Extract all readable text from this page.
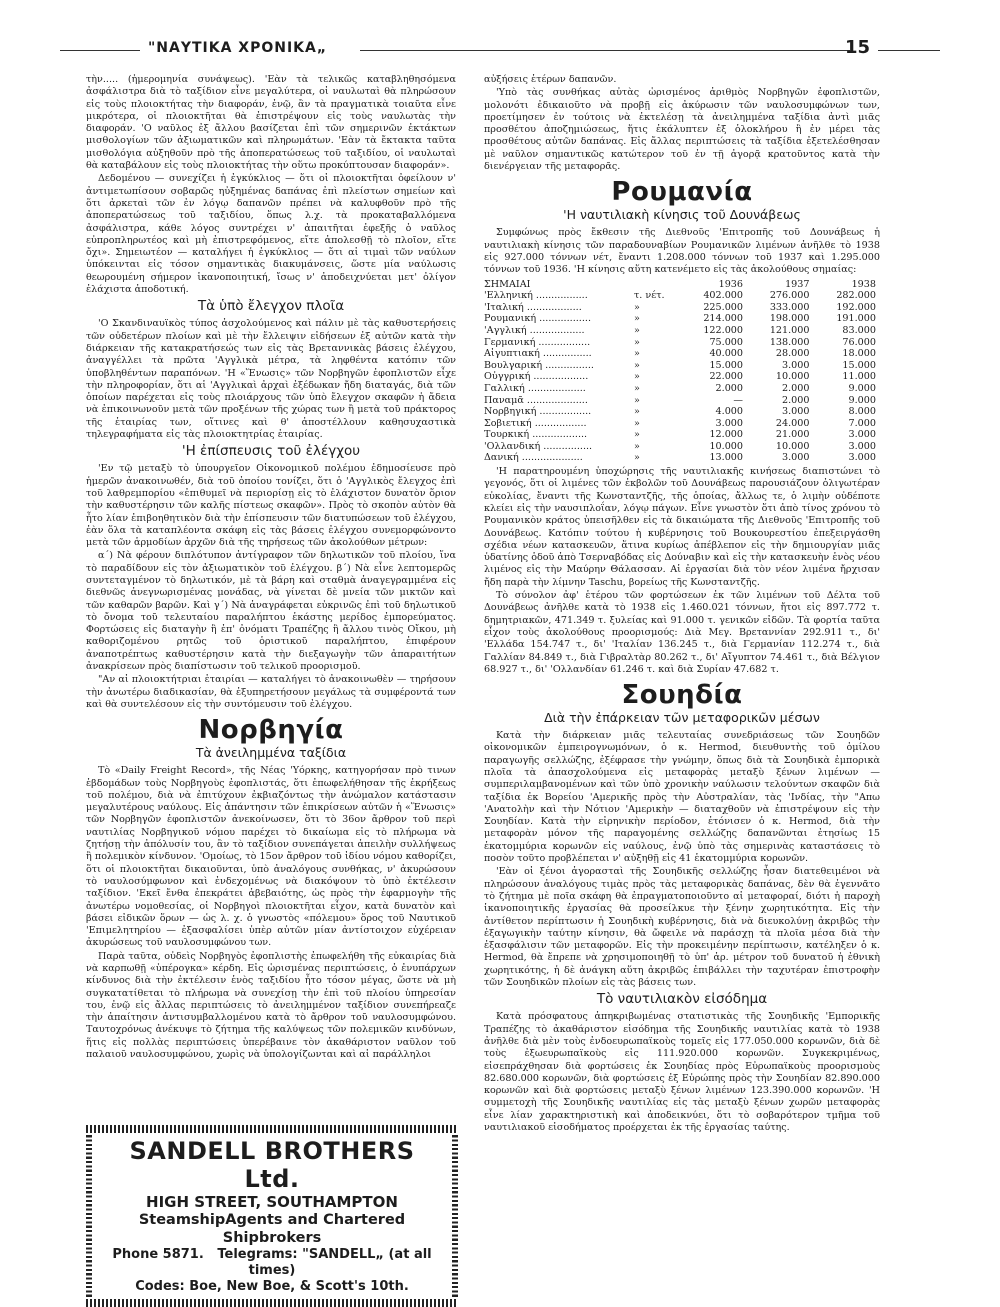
"ΝΑΥΤΙΚΑ ΧΡΟΝΙΚΑ„	15

τὴν..... (ἡμερομηνία συνάψεως). 'Εὰν τὰ τελικῶς καταβληθησόμενα ἀσφάλιστρα διὰ τὸ ταξίδιον εἶνε μεγαλύτερα, οἱ ναυλωταὶ θὰ πληρώσουν εἰς τοὺς πλοιοκτήτας τὴν διαφοράν, ἐνῷ, ἂν τὰ πραγματικὰ τοιαῦτα εἶνε μικρότερα, οἱ πλοιοκτῆται θὰ ἐπιστρέψουν εἰς τοὺς ναυλωτὰς τὴν διαφοράν. 'Ο ναῦλος ἐξ ἄλλου βασίζεται ἐπὶ τῶν σημερινῶν ἐκτάκτων μισθολογίων τῶν ἀξιωματικῶν καὶ πληρωμάτων. 'Εὰν τὰ ἔκτακτα ταῦτα μισθολόγια αὐξηθοῦν πρὸ τῆς ἀποπερατώσεως τοῦ ταξιδίου, οἱ ναυλωταὶ θὰ καταβάλουν εἰς τοὺς πλοιοκτήτας τὴν οὕτω προκύπτουσαν διαφοράν».

Δεδομένου — συνεχίζει ἡ ἐγκύκλιος — ὅτι οἱ πλοιοκτῆται ὀφείλουν ν' ἀντιμετωπίσουν σοβαρῶς ηὐξημένας δαπάνας ἐπὶ πλείστων σημείων καὶ ὅτι ἀρκεταὶ τῶν ἐν λόγῳ δαπανῶν πρέπει νὰ καλυφθοῦν πρὸ τῆς ἀποπερατώσεως τοῦ ταξιδίου, ὅπως λ.χ. τὰ προκαταβαλλόμενα ἀσφάλιστρα, κάθε λόγος συντρέχει ν' ἀπαιτῆται ἐφεξῆς ὁ ναῦλος εὐπροπληρωτέος καὶ μὴ ἐπιστρεφόμενος, εἴτε ἀπολεσθῇ τὸ πλοῖον, εἴτε ὄχι». Σημειωτέον — καταλήγει ἡ ἐγκύκλιος — ὅτι αἱ τιμαὶ τῶν ναύλων ὑπόκεινται εἰς τόσον σημαντικὰς διακυμάνσεις, ὥστε μία ναύλωσις θεωρουμένη σήμερον ἱκανοποιητική, ἴσως ν' ἀποδειχνύεται μετ' ὀλίγον ἐλάχιστα ἀποδοτική.

Τὰ ὑπὸ ἔλεγχον πλοῖα

'Ο Σκανδιναυϊκὸς τύπος ἀσχολούμενος καὶ πάλιν μὲ τὰς καθυστερήσεις τῶν οὐδετέρων πλοίων καὶ μὲ τὴν ἔλλειψιν εἰδήσεων ἐξ αὐτῶν κατὰ τὴν διάρκειαν τῆς κατακρατήσεώς των εἰς τὰς Βρεταννικὰς βάσεις ἐλέγχου, ἀναγγέλλει τὰ πρῶτα 'Αγγλικὰ μέτρα, τὰ ληφθέντα κατόπιν τῶν ὑποβληθέντων παραπόνων. 'Η «Ἕνωσις» τῶν Νορβηγῶν ἐφοπλιστῶν εἶχε τὴν πληροφορίαν, ὅτι αἱ 'Αγγλικαὶ ἀρχαὶ ἐξέδωκαν ἤδη διαταγάς, διὰ τῶν ὁποίων παρέχεται εἰς τοὺς πλοιάρχους τῶν ὑπὸ ἔλεγχον σκαφῶν ἡ ἄδεια νὰ ἐπικοινωνοῦν μετὰ τῶν προξένων τῆς χώρας των ἢ μετὰ τοῦ πράκτορος τῆς ἑταιρίας των, οἵτινες καὶ θ' ἀποστέλλουν καθησυχαστικὰ τηλεγραφήματα εἰς τὰς πλοιοκτητρίας ἑταιρίας.

'Η ἐπίσπευσις τοῦ ἐλέγχου

'Εν τῷ μεταξὺ τὸ ὑπουργεῖον Οἰκονομικοῦ πολέμου ἐδημοσίευσε πρὸ ἡμερῶν ἀνακοινωθέν, διὰ τοῦ ὁποίου τονίζει, ὅτι ὁ 'Αγγλικὸς ἔλεγχος ἐπὶ τοῦ λαθρεμπορίου «ἐπιθυμεῖ νὰ περιορίσῃ εἰς τὸ ἐλάχιστον δυνατὸν ὅριον τὴν καθυστέρησιν τῶν καλῆς πίστεως σκαφῶν». Πρὸς τὸ σκοπὸν αὐτὸν θὰ ἦτο λίαν ἐπιβοηθητικὸν διὰ τὴν ἐπίσπευσιν τῶν διατυπώσεων τοῦ ἐλέγχου, ἐὰν ὅλα τὰ καταπλέοντα σκάφη εἰς τὰς βάσεις ἐλέγχου συνεμορφώνοντο μετὰ τῶν ἁρμοδίων ἀρχῶν διὰ τῆς τηρήσεως τῶν ἀκολούθων μέτρων:

α΄) Νὰ φέρουν διπλότυπον ἀντίγραφον τῶν δηλωτικῶν τοῦ πλοίου, ἵνα τὸ παραδίδουν εἰς τὸν ἀξιωματικὸν τοῦ ἐλέγχου. β΄) Νὰ εἶνε λεπτομερῶς συντεταγμένον τὸ δηλωτικόν, μὲ τὰ βάρη καὶ σταθμὰ ἀναγεγραμμένα εἰς διεθνῶς ἀνεγνωρισμένας μονάδας, νὰ γίνεται δὲ μνεία τῶν μικτῶν καὶ τῶν καθαρῶν βαρῶν. Καὶ γ΄) Νὰ ἀναγράφεται εὐκρινῶς ἐπὶ τοῦ δηλωτικοῦ τὸ ὄνομα τοῦ τελευταίου παραλήπτου ἑκάστης μερίδος ἐμπορεύματος. Φορτώσεις εἰς διαταγὴν ἢ ἐπ' ὀνόματι Τραπέζης ἢ ἄλλου τινὸς Οἴκου, μὴ καθοριζομένου ρητῶς τοῦ ὁριστικοῦ παραλήπτου, ἐπιφέρουν ἀναποτρέπτως καθυστέρησιν κατὰ τὴν διεξαγωγὴν τῶν ἀπαραιτήτων ἀνακρίσεων πρὸς διαπίστωσιν τοῦ τελικοῦ προορισμοῦ.

"Αν αἱ πλοιοκτήτριαι ἑταιρίαι — καταλήγει τὸ ἀνακοινωθὲν — τηρήσουν τὴν ἀνωτέρω διαδικασίαν, θὰ ἐξυπηρετήσουν μεγάλως τὰ συμφέροντά των καὶ θὰ συντελέσουν εἰς τὴν συντόμευσιν τοῦ ἐλέγχου.

Νορβηγία
Τὰ ἀνειλημμένα ταξίδια

Τὸ «Daily Freight Record», τῆς Νέας 'Υόρκης, κατηγορήσαν πρὸ τινων ἑβδομάδων τοὺς Νορβηγοὺς ἐφοπλιστάς, ὅτι ἐπωφελήθησαν τῆς ἐκρήξεως τοῦ πολέμου, διὰ νὰ ἐπιτύχουν ἐκβιαζόντως τὴν ἀνώμαλον κατάστασιν μεγαλυτέρους ναύλους. Εἰς ἀπάντησιν τῶν ἐπικρίσεων αὐτῶν ἡ «Ἕνωσις» τῶν Νορβηγῶν ἐφοπλιστῶν ἀνεκοίνωσεν, ὅτι τὸ 36ον ἄρθρον τοῦ περὶ ναυτιλίας Νορβηγικοῦ νόμου παρέχει τὸ δικαίωμα εἰς τὸ πλήρωμα νὰ ζητήσῃ τὴν ἀπόλυσίν του, ἂν τὸ ταξίδιον συνεπάγεται ἀπειλὴν συλλήψεως ἢ πολεμικὸν κίνδυνον. 'Ομοίως, τὸ 15ον ἄρθρον τοῦ ἰδίου νόμου καθορίζει, ὅτι οἱ πλοιοκτῆται δικαιοῦνται, ὑπὸ ἀναλόγους συνθήκας, ν' ἀκυρώσουν τὸ ναυλοσύμφωνον καὶ ἐνδεχομένως νὰ διακόψουν τὸ ὑπὸ ἐκτέλεσιν ταξίδιον. 'Εκεῖ ἔνθα ἐπεκράτει ἀβεβαιότης, ὡς πρὸς τὴν ἐφαρμογὴν τῆς ἀνωτέρω νομοθεσίας, οἱ Νορβηγοὶ πλοιοκτῆται εἶχον, κατὰ δυνατὸν καὶ βάσει εἰδικῶν ὅρων — ὡς λ. χ. ὁ γνωστὸς «πόλεμου» ὅρος τοῦ Ναυτικοῦ 'Επιμελητηρίου — ἐξασφαλίσει ὑπὲρ αὐτῶν μίαν ἀντίστοιχον εὐχέρειαν ἀκυρώσεως τοῦ ναυλοσυμφώνου των.

Παρὰ ταῦτα, οὐδεὶς Νορβηγὸς ἐφοπλιστὴς ἐπωφελήθη τῆς εὐκαιρίας διὰ νὰ καρπωθῇ «ὑπέρογκα» κέρδη. Εἰς ὡρισμένας περιπτώσεις, ὁ ἐνυπάρχων κίνδυνος διὰ τὴν ἐκτέλεσιν ἑνὸς ταξιδίου ἦτο τόσον μέγας, ὥστε νὰ μὴ συγκατατίθεται τὸ πλήρωμα νὰ συνεχίσῃ τὴν ἐπὶ τοῦ πλοίου ὑπηρεσίαν του, ἐνῷ εἰς ἄλλας περιπτώσεις τὸ ἀνειλημμένον ταξίδιον συνεπήρεαζε τὴν ἀπαίτησιν ἀντισυμβαλλομένου κατὰ τὸ ἄρθρον τοῦ ναυλοσυμφώνου. Ταυτοχρόνως ἀνέκυψε τὸ ζήτημα τῆς καλύψεως τῶν πολεμικῶν κινδύνων, ἥτις εἰς πολλὰς περιπτώσεις ὑπερέβαινε τὸν ἀκαθάριστον ναῦλον τοῦ παλαιοῦ ναυλοσυμφώνου, χωρὶς νὰ ὑπολογίζωνται καὶ αἱ παράλληλοι

SANDELL BROTHERS Ltd.
HIGH STREET, SOUTHAMPTON
SteamshipAgents and Chartered Shipbrokers
Phone 5871. Telegrams: "SANDELL„ (at all times)
Codes: Boe, New Boe, & Scott's 10th.

αὐξήσεις ἑτέρων δαπανῶν.

'Υπὸ τὰς συνθήκας αὐτὰς ὡρισμένος ἀριθμὸς Νορβηγῶν ἐφοπλιστῶν, μολονότι ἐδικαιοῦτο νὰ προβῇ εἰς ἀκύρωσιν τῶν ναυλοσυμφώνων των, προετίμησεν ἐν τούτοις νὰ ἐκτελέσῃ τὰ ἀνειλημμένα ταξίδια ἀντὶ μιᾶς προσθέτου ἀποζημιώσεως, ἥτις ἐκάλυπτεν ἐξ ὁλοκλήρου ἢ ἐν μέρει τὰς προσθέτους αὐτῶν δαπάνας. Εἰς ἄλλας περιπτώσεις τὰ ταξίδια ἐξετελέσθησαν μὲ ναῦλον σημαντικῶς κατώτερον τοῦ ἐν τῇ ἀγορᾷ κρατοῦντος κατὰ τὴν διενέργειαν τῆς μεταφορᾶς.

Ρουμανία
'Η ναυτιλιακὴ κίνησις τοῦ Δουνάβεως

Συμφώνως πρὸς ἔκθεσιν τῆς Διεθνοῦς 'Επιτροπῆς τοῦ Δουνάβεως ἡ ναυτιλιακὴ κίνησις τῶν παραδουναβίων Ρουμανικῶν λιμένων ἀνῆλθε τὸ 1938 εἰς 927.000 τόννων νέτ, ἔναντι 1.208.000 τόννων τοῦ 1937 καὶ 1.295.000 τόννων τοῦ 1936. 'Η κίνησις αὕτη κατενέμετο εἰς τὰς ἀκολούθους σημαίας:

ΣΗΜΑΙΑΙ		1936	1937	1938
'Ελληνική .................	τ. νέτ.	402.000	276.000	282.000
'Ιταλική ..................	»	225.000	333.000	192.000
Ρουμανική .................	»	214.000	198.000	191.000
'Αγγλική ..................	»	122.000	121.000	83.000
Γερμανική .................	»	75.000	138.000	76.000
Αἰγυπτιακή ................	»	40.000	28.000	18.000
Βουλγαρική ................	»	15.000	3.000	15.000
Οὐγγρική ..................	»	22.000	10.000	11.000
Γαλλική ...................	»	2.000	2.000	9.000
Παναμᾶ ....................	»	—	2.000	9.000
Νορβηγική .................	»	4.000	3.000	8.000
Σοβιετική .................	»	3.000	24.000	7.000
Τουρκική ..................	»	12.000	21.000	3.000
'Ολλανδική ................	»	10.000	10.000	3.000
Δανική ....................	»	13.000	3.000	3.000

'Η παρατηρουμένη ὑποχώρησις τῆς ναυτιλιακῆς κινήσεως διαπιστώνει τὸ γεγονός, ὅτι οἱ λιμένες τῶν ἐκβολῶν τοῦ Δουνάβεως παρουσιάζουν ὀλιγωτέραν εὐκολίας, ἔναντι τῆς Κωνσταντζῆς, τῆς ὁποίας, ἄλλως τε, ὁ λιμὴν οὐδέποτε κλείει εἰς τὴν ναυσιπλοΐαν, λόγῳ πάγων. Εἶνε γνωστὸν ὅτι ἀπὸ τίνος χρόνου τὸ Ρουμανικὸν κράτος ὑπεισῆλθεν εἰς τὰ δικαιώματα τῆς Διεθνοῦς 'Επιτροπῆς τοῦ Δουνάβεως. Κατόπιν τούτου ἡ κυβέρνησις τοῦ Βουκουρεστίου ἐπεξειργάσθη σχέδια νέων κατασκευῶν, ἅτινα κυρίως ἀπέβλεπον εἰς τὴν δημιουργίαν μιᾶς ὑδατίνης ὁδοῦ ἀπὸ Τσερναβόδας εἰς Δούναβιν καὶ εἰς τὴν κατασκευὴν ἑνὸς νέου λιμένος εἰς τὴν Μαύρην Θάλασσαν. Αἱ ἐργασίαι διὰ τὸν νέον λιμένα ἤρχισαν ἤδη παρὰ τὴν λίμνην Taschu, βορείως τῆς Κωνσταντζῆς.

Τὸ σύνολον ἀφ' ἑτέρου τῶν φορτώσεων ἐκ τῶν λιμένων τοῦ Δέλτα τοῦ Δουνάβεως ἀνῆλθε κατὰ τὸ 1938 εἰς 1.460.021 τόννων, ἤτοι εἰς 897.772 τ. δημητριακῶν, 471.349 τ. ξυλείας καὶ 91.000 τ. γενικῶν εἰδῶν. Τὰ φορτία ταῦτα εἶχον τοὺς ἀκολούθους προορισμούς: Διὰ Μεγ. Βρεταννίαν 292.911 τ., δι' 'Ελλάδα 154.747 τ., δι' 'Ιταλίαν 136.245 τ., διὰ Γερμανίαν 112.274 τ., διὰ Γαλλίαν 84.849 τ., διὰ Γιβραλτὰρ 80.262 τ., δι' Αἴγυπτον 74.461 τ., διὰ Βέλγιον 68.927 τ., δι' 'Ολλανδίαν 61.246 τ. καὶ διὰ Συρίαν 47.682 τ.

Σουηδία
Διὰ τὴν ἐπάρκειαν τῶν μεταφορικῶν μέσων

Κατὰ τὴν διάρκειαν μιᾶς τελευταίας συνεδριάσεως τῶν Σουηδῶν οἰκονομικῶν ἐμπειρογνωμόνων, ὁ κ. Hermod, διευθυντὴς τοῦ ὁμίλου παραγωγῆς σελλώζης, ἐξέφρασε τὴν γνώμην, ὅπως διὰ τὰ Σουηδικὰ ἐμπορικὰ πλοῖα τὰ ἀπασχολούμενα εἰς μεταφορὰς μεταξὺ ξένων λιμένων — συμπεριλαμβανομένων καὶ τῶν ὑπὸ χρονικὴν ναύλωσιν τελούντων σκαφῶν διὰ ταξίδια ἐκ Βορείου 'Αμερικῆς πρὸς τὴν Αὐστραλίαν, τὰς 'Ινδίας, τὴν "Απω 'Ανατολὴν καὶ τὴν Νότιον 'Αμερικὴν — διαταχθοῦν νὰ ἐπιστρέψουν εἰς τὴν Σουηδίαν. Κατὰ τὴν εἰρηνικὴν περίοδον, ἐτόνισεν ὁ κ. Hermod, διὰ τὴν μεταφορὰν μόνον τῆς παραγομένης σελλώζης δαπανῶνται ἐτησίως 15 ἑκατομμύρια κορωνῶν εἰς ναύλους, ἐνῷ ὑπὸ τὰς σημερινὰς καταστάσεις τὸ ποσὸν τοῦτο προβλέπεται ν' αὐξηθῇ εἰς 41 ἑκατομμύρια κορωνῶν.

'Εὰν οἱ ξένοι ἀγορασταὶ τῆς Σουηδικῆς σελλώζης ἦσαν διατεθειμένοι νὰ πληρώσουν ἀναλόγους τιμὰς πρὸς τὰς μεταφορικὰς δαπάνας, δὲν θὰ ἐγεννᾶτο τὸ ζήτημα μὲ ποῖα σκάφη θὰ ἐπραγματοποιοῦντο αἱ μεταφοραί, διότι ἡ παροχὴ ἱκανοποιητικῆς ἐργασίας θὰ προσείλκυε τὴν ξένην χωρητικότητα. Εἰς τὴν ἀντίθετον περίπτωσιν ἡ Σουηδικὴ κυβέρνησις, διὰ νὰ διευκολύνῃ ἀκριβῶς τὴν ἐξαγωγικὴν ταύτην κίνησιν, θὰ ὤφειλε νὰ παράσχῃ τὰ πλοῖα μέσα διὰ τὴν ἐξασφάλισιν τῶν μεταφορῶν. Εἰς τὴν προκειμένην περίπτωσιν, κατέληξεν ὁ κ. Hermod, θὰ ἔπρεπε νὰ χρησιμοποιηθῇ τὸ ὑπ' ἀρ. μέτρον τοῦ δυνατοῦ ἡ ἐθνικὴ χωρητικότης, ἡ δὲ ἀνάγκη αὕτη ἀκριβῶς ἐπιβάλλει τὴν ταχυτέραν ἐπιστροφὴν τῶν Σουηδικῶν πλοίων εἰς τὰς βάσεις των.

Τὸ ναυτιλιακὸν εἰσόδημα

Κατὰ πρόσφατους ἀπηκριβωμένας στατιστικὰς τῆς Σουηδικῆς 'Εμπορικῆς Τραπέζης τὸ ἀκαθάριστον εἰσόδημα τῆς Σουηδικῆς ναυτιλίας κατὰ τὸ 1938 ἀνῆλθε διὰ μὲν τοὺς ἐνδοευρωπαϊκοὺς τομεῖς εἰς 177.050.000 κορωνῶν, διὰ δὲ τοὺς ἐξωευρωπαϊκοὺς εἰς 111.920.000 κορωνῶν. Συγκεκριμένως, εἰσεπράχθησαν διὰ φορτώσεις ἐκ Σουηδίας πρὸς Εὐρωπαϊκοὺς προορισμοὺς 82.680.000 κορωνῶν, διὰ φορτώσεις ἐξ Εὐρώπης πρὸς τὴν Σουηδίαν 82.890.000 κορωνῶν καὶ διὰ φορτώσεις μεταξὺ ξένων λιμένων 123.390.000 κορωνῶν. 'Η συμμετοχὴ τῆς Σουηδικῆς ναυτιλίας εἰς τὰς μεταξὺ ξένων χωρῶν μεταφορὰς εἶνε λίαν χαρακτηριστικὴ καὶ ἀποδεικνύει, ὅτι τὸ σοβαρότερον τμῆμα τοῦ ναυτιλιακοῦ εἰσοδήματος προέρχεται ἐκ τῆς ἐργασίας ταύτης.
